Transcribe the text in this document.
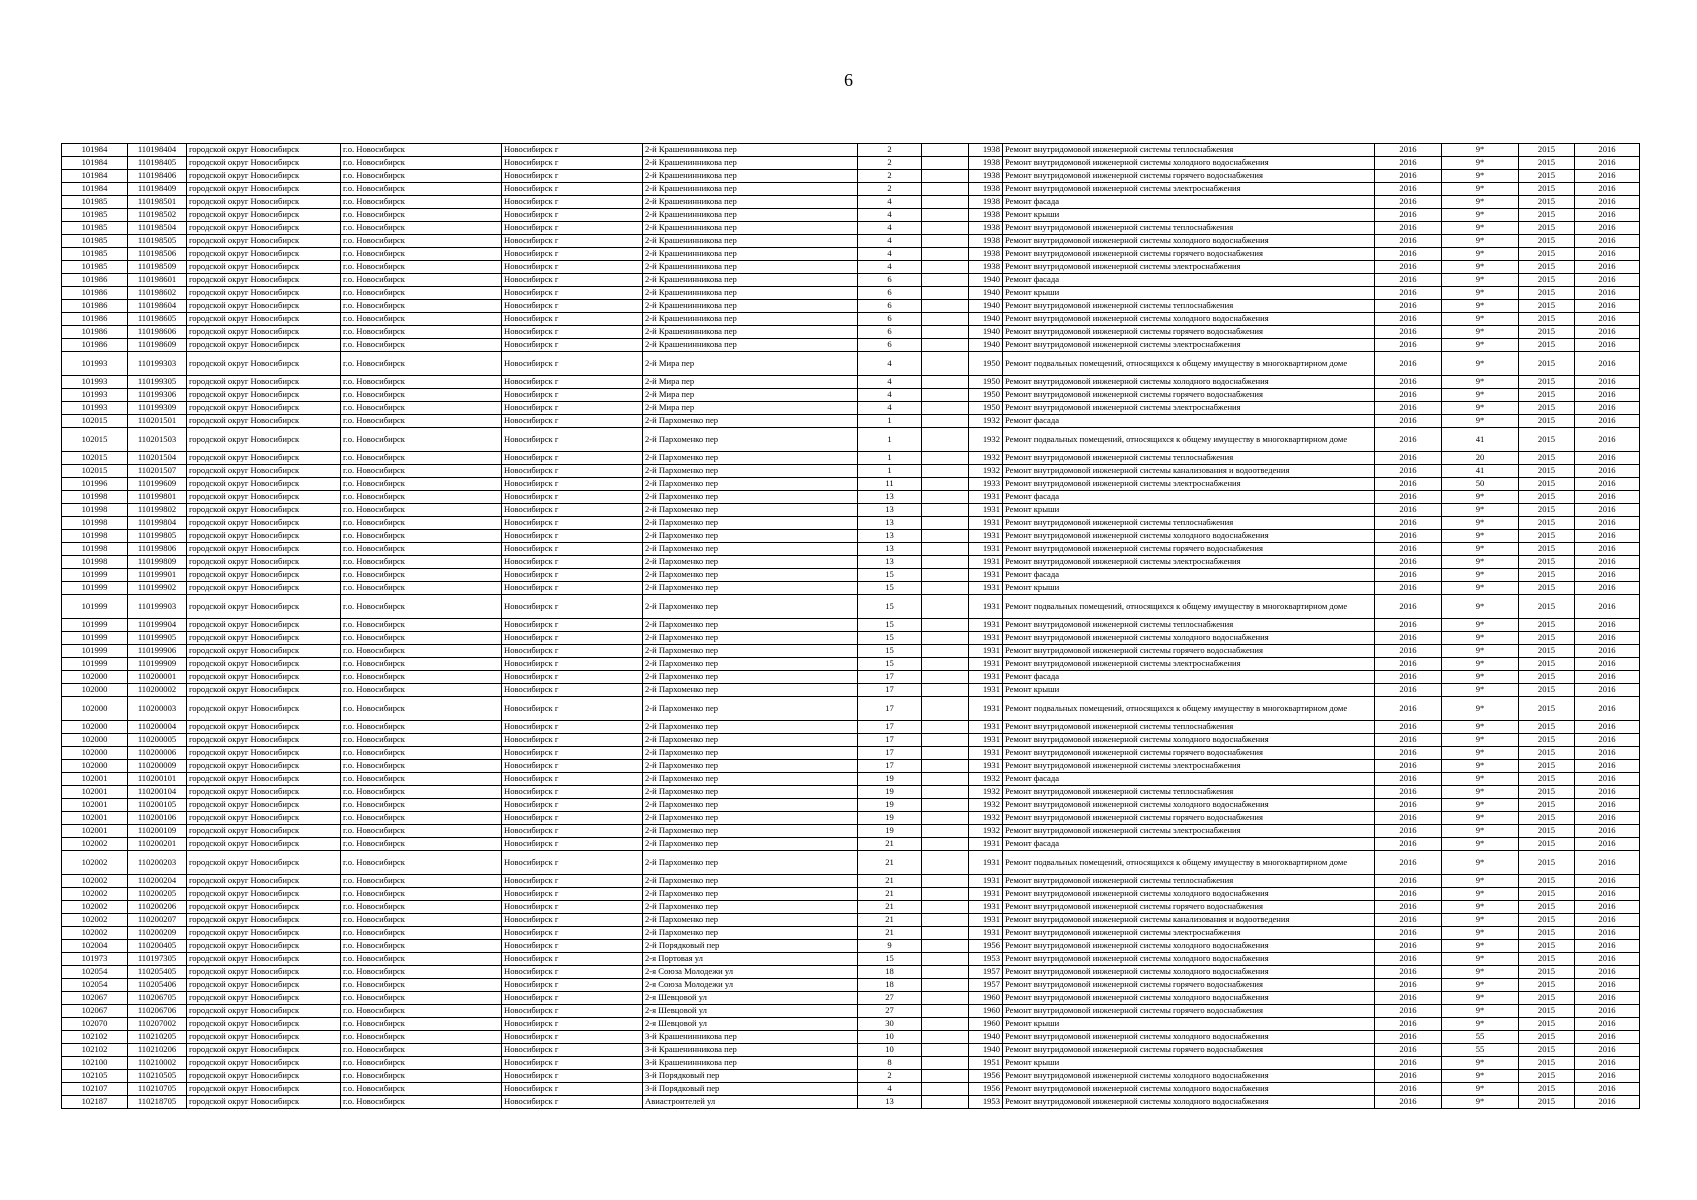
6
101984	110198404	городской округ Новосибирск	г.о. Новосибирск	Новосибирск г	2-й Крашенинникова пер	2		1938	Ремонт внутридомовой инженерной системы теплоснабжения	2016	9*	2015	2016
101984	110198405	городской округ Новосибирск	г.о. Новосибирск	Новосибирск г	2-й Крашенинникова пер	2		1938	Ремонт внутридомовой инженерной системы холодного водоснабжения	2016	9*	2015	2016
101984	110198406	городской округ Новосибирск	г.о. Новосибирск	Новосибирск г	2-й Крашенинникова пер	2		1938	Ремонт внутридомовой инженерной системы горячего водоснабжения	2016	9*	2015	2016
101984	110198409	городской округ Новосибирск	г.о. Новосибирск	Новосибирск г	2-й Крашенинникова пер	2		1938	Ремонт внутридомовой инженерной системы электроснабжения	2016	9*	2015	2016
101985	110198501	городской округ Новосибирск	г.о. Новосибирск	Новосибирск г	2-й Крашенинникова пер	4		1938	Ремонт фасада	2016	9*	2015	2016
101985	110198502	городской округ Новосибирск	г.о. Новосибирск	Новосибирск г	2-й Крашенинникова пер	4		1938	Ремонт крыши	2016	9*	2015	2016
101985	110198504	городской округ Новосибирск	г.о. Новосибирск	Новосибирск г	2-й Крашенинникова пер	4		1938	Ремонт внутридомовой инженерной системы теплоснабжения	2016	9*	2015	2016
101985	110198505	городской округ Новосибирск	г.о. Новосибирск	Новосибирск г	2-й Крашенинникова пер	4		1938	Ремонт внутридомовой инженерной системы холодного водоснабжения	2016	9*	2015	2016
101985	110198506	городской округ Новосибирск	г.о. Новосибирск	Новосибирск г	2-й Крашенинникова пер	4		1938	Ремонт внутридомовой инженерной системы горячего водоснабжения	2016	9*	2015	2016
101985	110198509	городской округ Новосибирск	г.о. Новосибирск	Новосибирск г	2-й Крашенинникова пер	4		1938	Ремонт внутридомовой инженерной системы электроснабжения	2016	9*	2015	2016
101986	110198601	городской округ Новосибирск	г.о. Новосибирск	Новосибирск г	2-й Крашенинникова пер	6		1940	Ремонт фасада	2016	9*	2015	2016
101986	110198602	городской округ Новосибирск	г.о. Новосибирск	Новосибирск г	2-й Крашенинникова пер	6		1940	Ремонт крыши	2016	9*	2015	2016
101986	110198604	городской округ Новосибирск	г.о. Новосибирск	Новосибирск г	2-й Крашенинникова пер	6		1940	Ремонт внутридомовой инженерной системы теплоснабжения	2016	9*	2015	2016
101986	110198605	городской округ Новосибирск	г.о. Новосибирск	Новосибирск г	2-й Крашенинникова пер	6		1940	Ремонт внутридомовой инженерной системы холодного водоснабжения	2016	9*	2015	2016
101986	110198606	городской округ Новосибирск	г.о. Новосибирск	Новосибирск г	2-й Крашенинникова пер	6		1940	Ремонт внутридомовой инженерной системы горячего водоснабжения	2016	9*	2015	2016
101986	110198609	городской округ Новосибирск	г.о. Новосибирск	Новосибирск г	2-й Крашенинникова пер	6		1940	Ремонт внутридомовой инженерной системы электроснабжения	2016	9*	2015	2016
101993	110199303	городской округ Новосибирск	г.о. Новосибирск	Новосибирск г	2-й Мира пер	4		1950	Ремонт подвальных помещений, относящихся к общему имуществу в многоквартирном доме	2016	9*	2015	2016
101993	110199305	городской округ Новосибирск	г.о. Новосибирск	Новосибирск г	2-й Мира пер	4		1950	Ремонт внутридомовой инженерной системы холодного водоснабжения	2016	9*	2015	2016
101993	110199306	городской округ Новосибирск	г.о. Новосибирск	Новосибирск г	2-й Мира пер	4		1950	Ремонт внутридомовой инженерной системы горячего водоснабжения	2016	9*	2015	2016
101993	110199309	городской округ Новосибирск	г.о. Новосибирск	Новосибирск г	2-й Мира пер	4		1950	Ремонт внутридомовой инженерной системы электроснабжения	2016	9*	2015	2016
102015	110201501	городской округ Новосибирск	г.о. Новосибирск	Новосибирск г	2-й Пархоменко пер	1		1932	Ремонт фасада	2016	9*	2015	2016
102015	110201503	городской округ Новосибирск	г.о. Новосибирск	Новосибирск г	2-й Пархоменко пер	1		1932	Ремонт подвальных помещений, относящихся к общему имуществу в многоквартирном доме	2016	41	2015	2016
102015	110201504	городской округ Новосибирск	г.о. Новосибирск	Новосибирск г	2-й Пархоменко пер	1		1932	Ремонт внутридомовой инженерной системы теплоснабжения	2016	20	2015	2016
102015	110201507	городской округ Новосибирск	г.о. Новосибирск	Новосибирск г	2-й Пархоменко пер	1		1932	Ремонт внутридомовой инженерной системы канализования и водоотведения	2016	41	2015	2016
101996	110199609	городской округ Новосибирск	г.о. Новосибирск	Новосибирск г	2-й Пархоменко пер	11		1933	Ремонт внутридомовой инженерной системы электроснабжения	2016	50	2015	2016
101998	110199801	городской округ Новосибирск	г.о. Новосибирск	Новосибирск г	2-й Пархоменко пер	13		1931	Ремонт фасада	2016	9*	2015	2016
101998	110199802	городской округ Новосибирск	г.о. Новосибирск	Новосибирск г	2-й Пархоменко пер	13		1931	Ремонт крыши	2016	9*	2015	2016
101998	110199804	городской округ Новосибирск	г.о. Новосибирск	Новосибирск г	2-й Пархоменко пер	13		1931	Ремонт внутридомовой инженерной системы теплоснабжения	2016	9*	2015	2016
101998	110199805	городской округ Новосибирск	г.о. Новосибирск	Новосибирск г	2-й Пархоменко пер	13		1931	Ремонт внутридомовой инженерной системы холодного водоснабжения	2016	9*	2015	2016
101998	110199806	городской округ Новосибирск	г.о. Новосибирск	Новосибирск г	2-й Пархоменко пер	13		1931	Ремонт внутридомовой инженерной системы горячего водоснабжения	2016	9*	2015	2016
101998	110199809	городской округ Новосибирск	г.о. Новосибирск	Новосибирск г	2-й Пархоменко пер	13		1931	Ремонт внутридомовой инженерной системы электроснабжения	2016	9*	2015	2016
101999	110199901	городской округ Новосибирск	г.о. Новосибирск	Новосибирск г	2-й Пархоменко пер	15		1931	Ремонт фасада	2016	9*	2015	2016
101999	110199902	городской округ Новосибирск	г.о. Новосибирск	Новосибирск г	2-й Пархоменко пер	15		1931	Ремонт крыши	2016	9*	2015	2016
101999	110199903	городской округ Новосибирск	г.о. Новосибирск	Новосибирск г	2-й Пархоменко пер	15		1931	Ремонт подвальных помещений, относящихся к общему имуществу в многоквартирном доме	2016	9*	2015	2016
101999	110199904	городской округ Новосибирск	г.о. Новосибирск	Новосибирск г	2-й Пархоменко пер	15		1931	Ремонт внутридомовой инженерной системы теплоснабжения	2016	9*	2015	2016
101999	110199905	городской округ Новосибирск	г.о. Новосибирск	Новосибирск г	2-й Пархоменко пер	15		1931	Ремонт внутридомовой инженерной системы холодного водоснабжения	2016	9*	2015	2016
101999	110199906	городской округ Новосибирск	г.о. Новосибирск	Новосибирск г	2-й Пархоменко пер	15		1931	Ремонт внутридомовой инженерной системы горячего водоснабжения	2016	9*	2015	2016
101999	110199909	городской округ Новосибирск	г.о. Новосибирск	Новосибирск г	2-й Пархоменко пер	15		1931	Ремонт внутридомовой инженерной системы электроснабжения	2016	9*	2015	2016
102000	110200001	городской округ Новосибирск	г.о. Новосибирск	Новосибирск г	2-й Пархоменко пер	17		1931	Ремонт фасада	2016	9*	2015	2016
102000	110200002	городской округ Новосибирск	г.о. Новосибирск	Новосибирск г	2-й Пархоменко пер	17		1931	Ремонт крыши	2016	9*	2015	2016
102000	110200003	городской округ Новосибирск	г.о. Новосибирск	Новосибирск г	2-й Пархоменко пер	17		1931	Ремонт подвальных помещений, относящихся к общему имуществу в многоквартирном доме	2016	9*	2015	2016
102000	110200004	городской округ Новосибирск	г.о. Новосибирск	Новосибирск г	2-й Пархоменко пер	17		1931	Ремонт внутридомовой инженерной системы теплоснабжения	2016	9*	2015	2016
102000	110200005	городской округ Новосибирск	г.о. Новосибирск	Новосибирск г	2-й Пархоменко пер	17		1931	Ремонт внутридомовой инженерной системы холодного водоснабжения	2016	9*	2015	2016
102000	110200006	городской округ Новосибирск	г.о. Новосибирск	Новосибирск г	2-й Пархоменко пер	17		1931	Ремонт внутридомовой инженерной системы горячего водоснабжения	2016	9*	2015	2016
102000	110200009	городской округ Новосибирск	г.о. Новосибирск	Новосибирск г	2-й Пархоменко пер	17		1931	Ремонт внутридомовой инженерной системы электроснабжения	2016	9*	2015	2016
102001	110200101	городской округ Новосибирск	г.о. Новосибирск	Новосибирск г	2-й Пархоменко пер	19		1932	Ремонт фасада	2016	9*	2015	2016
102001	110200104	городской округ Новосибирск	г.о. Новосибирск	Новосибирск г	2-й Пархоменко пер	19		1932	Ремонт внутридомовой инженерной системы теплоснабжения	2016	9*	2015	2016
102001	110200105	городской округ Новосибирск	г.о. Новосибирск	Новосибирск г	2-й Пархоменко пер	19		1932	Ремонт внутридомовой инженерной системы холодного водоснабжения	2016	9*	2015	2016
102001	110200106	городской округ Новосибирск	г.о. Новосибирск	Новосибирск г	2-й Пархоменко пер	19		1932	Ремонт внутридомовой инженерной системы горячего водоснабжения	2016	9*	2015	2016
102001	110200109	городской округ Новосибирск	г.о. Новосибирск	Новосибирск г	2-й Пархоменко пер	19		1932	Ремонт внутридомовой инженерной системы электроснабжения	2016	9*	2015	2016
102002	110200201	городской округ Новосибирск	г.о. Новосибирск	Новосибирск г	2-й Пархоменко пер	21		1931	Ремонт фасада	2016	9*	2015	2016
102002	110200203	городской округ Новосибирск	г.о. Новосибирск	Новосибирск г	2-й Пархоменко пер	21		1931	Ремонт подвальных помещений, относящихся к общему имуществу в многоквартирном доме	2016	9*	2015	2016
102002	110200204	городской округ Новосибирск	г.о. Новосибирск	Новосибирск г	2-й Пархоменко пер	21		1931	Ремонт внутридомовой инженерной системы теплоснабжения	2016	9*	2015	2016
102002	110200205	городской округ Новосибирск	г.о. Новосибирск	Новосибирск г	2-й Пархоменко пер	21		1931	Ремонт внутридомовой инженерной системы холодного водоснабжения	2016	9*	2015	2016
102002	110200206	городской округ Новосибирск	г.о. Новосибирск	Новосибирск г	2-й Пархоменко пер	21		1931	Ремонт внутридомовой инженерной системы горячего водоснабжения	2016	9*	2015	2016
102002	110200207	городской округ Новосибирск	г.о. Новосибирск	Новосибирск г	2-й Пархоменко пер	21		1931	Ремонт внутридомовой инженерной системы канализования и водоотведения	2016	9*	2015	2016
102002	110200209	городской округ Новосибирск	г.о. Новосибирск	Новосибирск г	2-й Пархоменко пер	21		1931	Ремонт внутридомовой инженерной системы электроснабжения	2016	9*	2015	2016
102004	110200405	городской округ Новосибирск	г.о. Новосибирск	Новосибирск г	2-й Порядковый пер	9		1956	Ремонт внутридомовой инженерной системы холодного водоснабжения	2016	9*	2015	2016
101973	110197305	городской округ Новосибирск	г.о. Новосибирск	Новосибирск г	2-я Портовая ул	15		1953	Ремонт внутридомовой инженерной системы холодного водоснабжения	2016	9*	2015	2016
102054	110205405	городской округ Новосибирск	г.о. Новосибирск	Новосибирск г	2-я Союза Молодежи ул	18		1957	Ремонт внутридомовой инженерной системы холодного водоснабжения	2016	9*	2015	2016
102054	110205406	городской округ Новосибирск	г.о. Новосибирск	Новосибирск г	2-я Союза Молодежи ул	18		1957	Ремонт внутридомовой инженерной системы горячего водоснабжения	2016	9*	2015	2016
102067	110206705	городской округ Новосибирск	г.о. Новосибирск	Новосибирск г	2-я Шевцовой ул	27		1960	Ремонт внутридомовой инженерной системы холодного водоснабжения	2016	9*	2015	2016
102067	110206706	городской округ Новосибирск	г.о. Новосибирск	Новосибирск г	2-я Шевцовой ул	27		1960	Ремонт внутридомовой инженерной системы горячего водоснабжения	2016	9*	2015	2016
102070	110207002	городской округ Новосибирск	г.о. Новосибирск	Новосибирск г	2-я Шевцовой ул	30		1960	Ремонт крыши	2016	9*	2015	2016
102102	110210205	городской округ Новосибирск	г.о. Новосибирск	Новосибирск г	3-й Крашенинникова пер	10		1940	Ремонт внутридомовой инженерной системы холодного водоснабжения	2016	55	2015	2016
102102	110210206	городской округ Новосибирск	г.о. Новосибирск	Новосибирск г	3-й Крашенинникова пер	10		1940	Ремонт внутридомовой инженерной системы горячего водоснабжения	2016	55	2015	2016
102100	110210002	городской округ Новосибирск	г.о. Новосибирск	Новосибирск г	3-й Крашенинникова пер	8		1951	Ремонт крыши	2016	9*	2015	2016
102105	110210505	городской округ Новосибирск	г.о. Новосибирск	Новосибирск г	3-й Порядковый пер	2		1956	Ремонт внутридомовой инженерной системы холодного водоснабжения	2016	9*	2015	2016
102107	110210705	городской округ Новосибирск	г.о. Новосибирск	Новосибирск г	3-й Порядковый пер	4		1956	Ремонт внутридомовой инженерной системы холодного водоснабжения	2016	9*	2015	2016
102187	110218705	городской округ Новосибирск	г.о. Новосибирск	Новосибирск г	Авиастроителей ул	13		1953	Ремонт внутридомовой инженерной системы холодного водоснабжения	2016	9*	2015	2016
